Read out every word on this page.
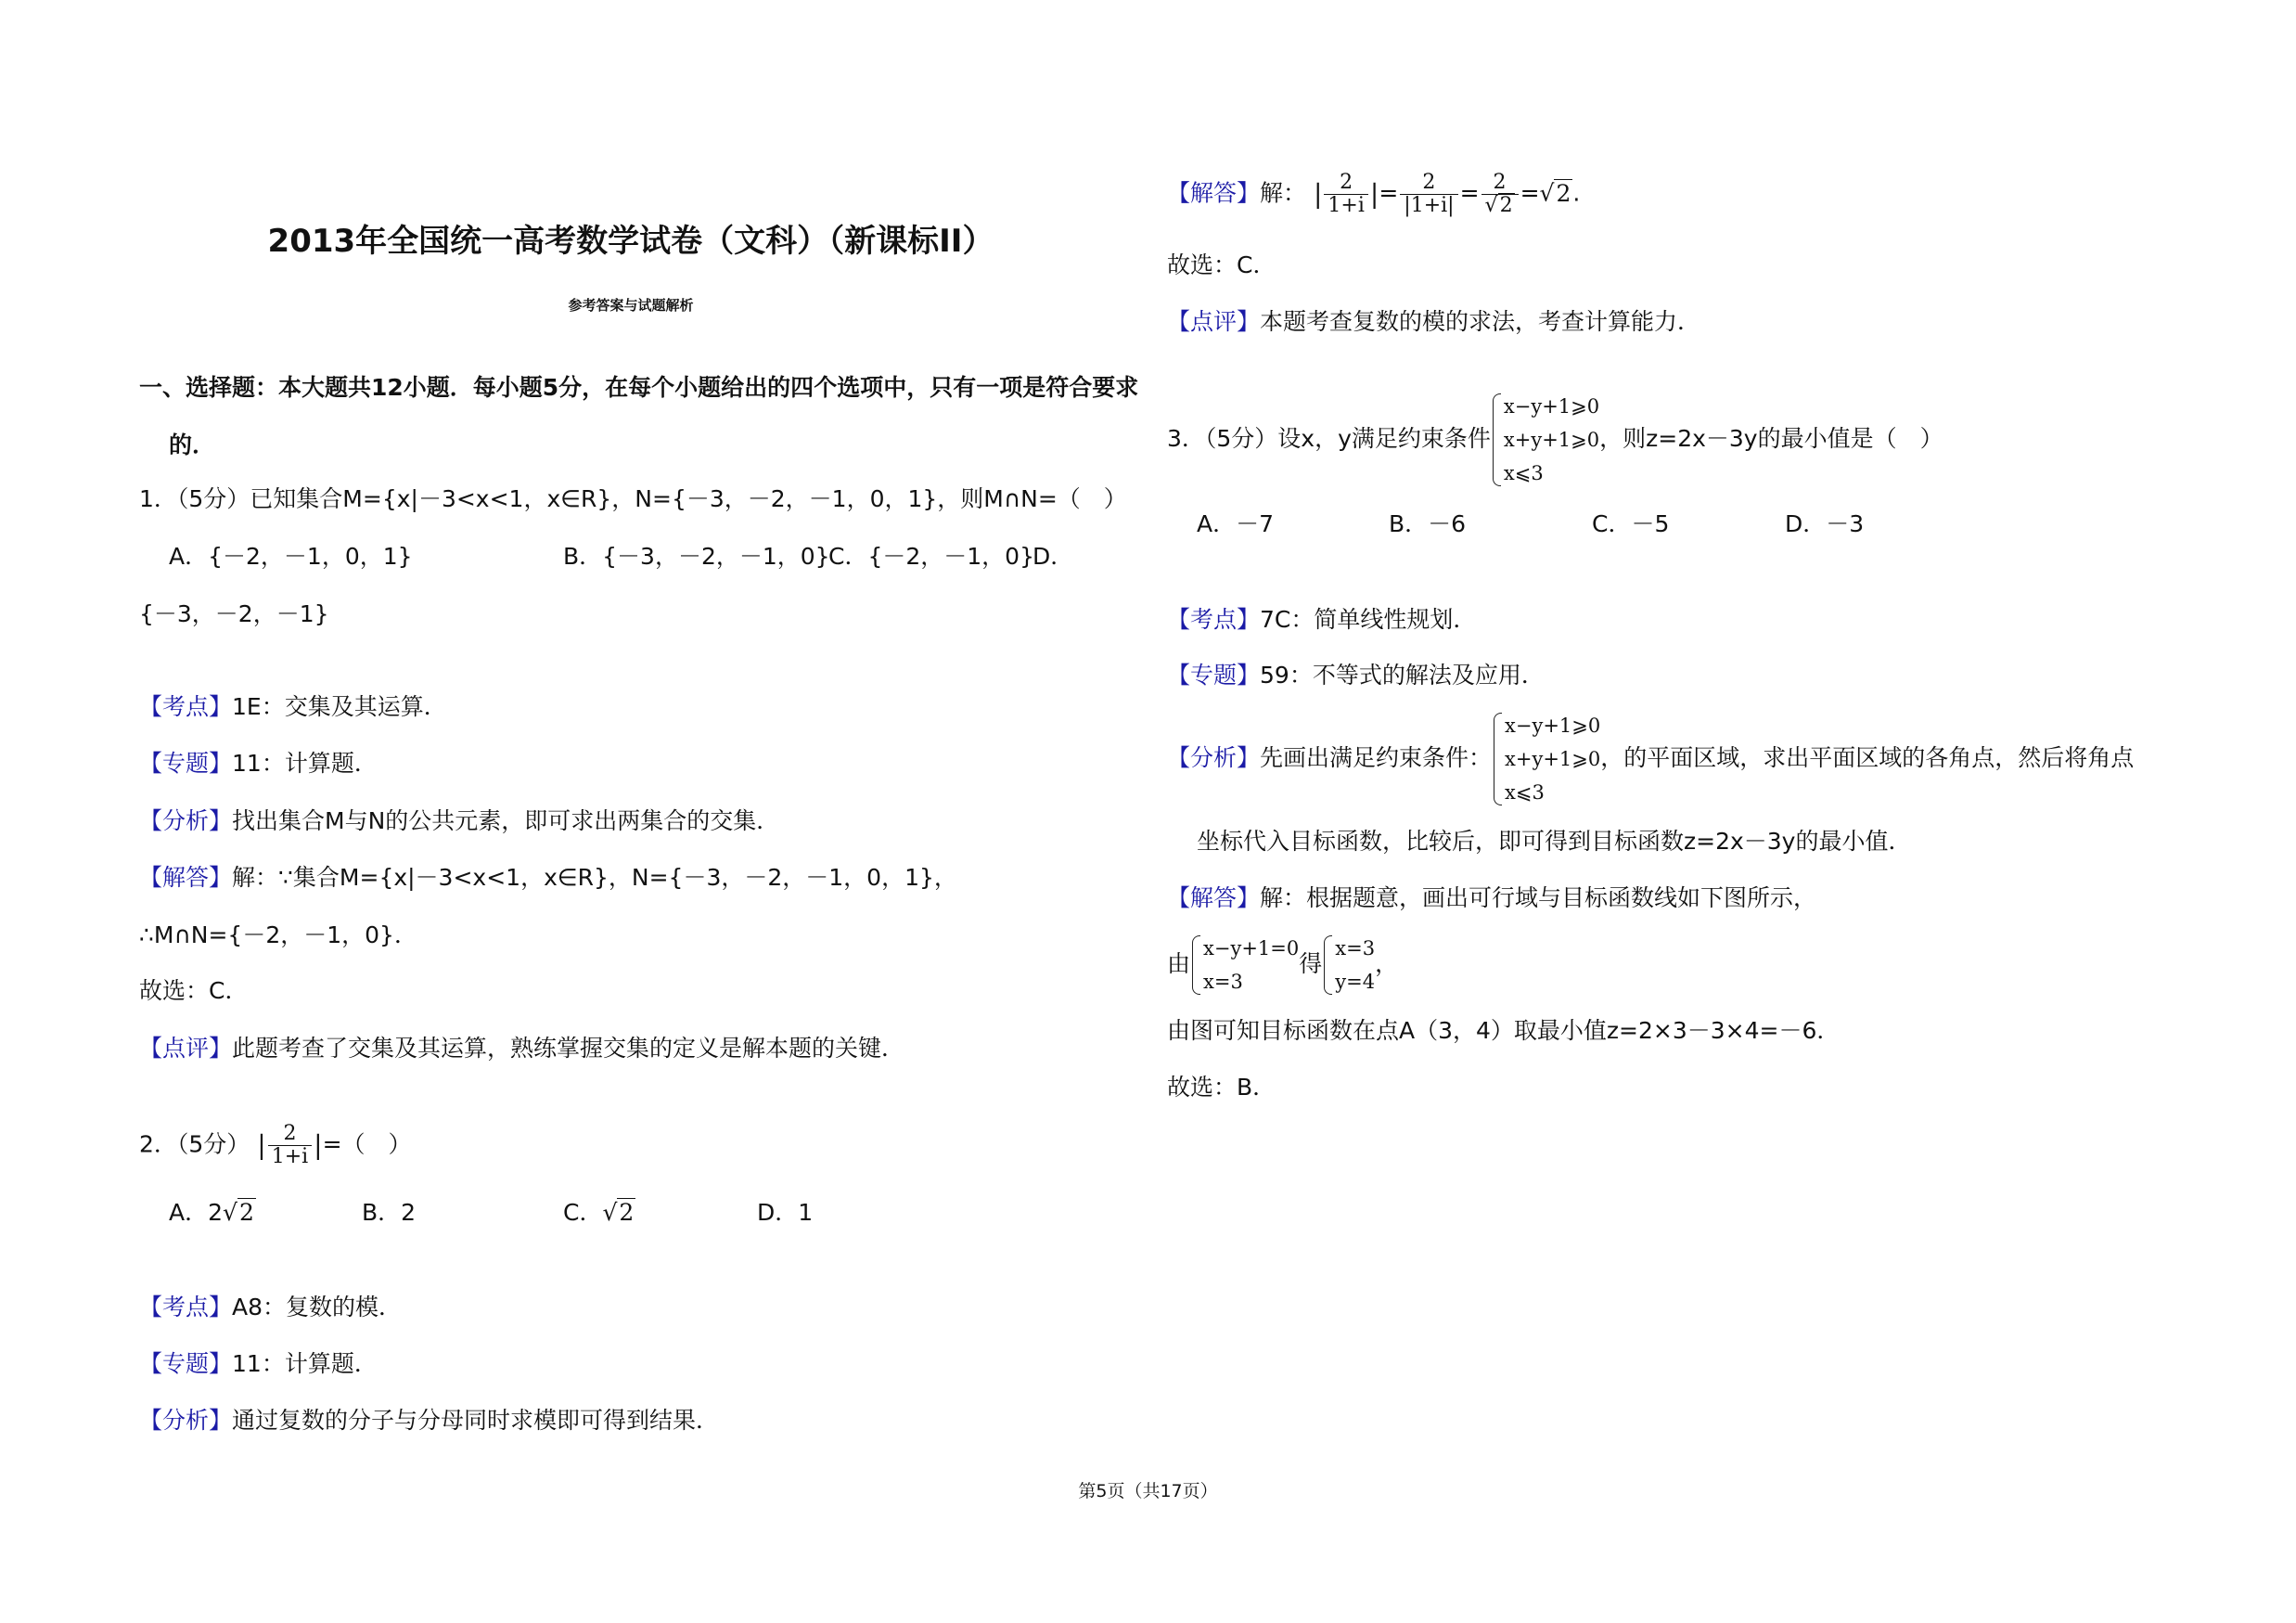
2013年全国统一高考数学试卷（文科）（新课标II）
参考答案与试题解析
一、选择题：本大题共12小题．每小题5分，在每个小题给出的四个选项中，只有一项是符合要求
的．
1．（5分）已知集合M={x|－3<x<1，x∈R}，N={－3，－2，－1，0，1}，则M∩N=（　）
A．{－2，－1，0，1}	B．{－3，－2，－1，0}
C．{－2，－1，0}
D．
{－3，－2，－1}
【考点】1E：交集及其运算．
【专题】11：计算题．
【分析】找出集合M与N的公共元素，即可求出两集合的交集．
【解答】解：∵集合M={x|－3<x<1，x∈R}，N={－3，－2，－1，0，1}，
∴M∩N={－2，－1，0}．
故选：C．
【点评】此题考查了交集及其运算，熟练掌握交集的定义是解本题的关键．
2．（5分） | $\frac{2}{1+i}$ |=（　）
A．2√2	B．2	C．√2	D．1
【考点】A8：复数的模．
【专题】11：计算题．
【分析】通过复数的分子与分母同时求模即可得到结果．
【解答】解： | $\frac{2}{1+i}$ |= $\frac{2}{|1+i|} = \frac{2}{√2} =√2$.
故选：C．
【点评】本题考查复数的模的求法，考查计算能力．
3．（5分）设x，y满足约束条件
x−y+1⩾0
x+y+1⩾0
x⩽3
，则z=2x－3y的最小值是（　）
A．－7	B．－6	C．－5	D．－3
【考点】7C：简单线性规划．
【专题】59：不等式的解法及应用．
【分析】先画出满足约束条件：
x−y+1⩾0
x+y+1⩾0
x⩽3
，的平面区域，求出平面区域的各角点，然后将角点
坐标代入目标函数，比较后，即可得到目标函数z=2x－3y的最小值．
【解答】解：根据题意，画出可行域与目标函数线如下图所示，
由
x−y+1=0
x=3
得
x=3
y=4
，
由图可知目标函数在点A（3，4）取最小值z=2×3－3×4=－6．
故选：B．
第5页（共17页）
